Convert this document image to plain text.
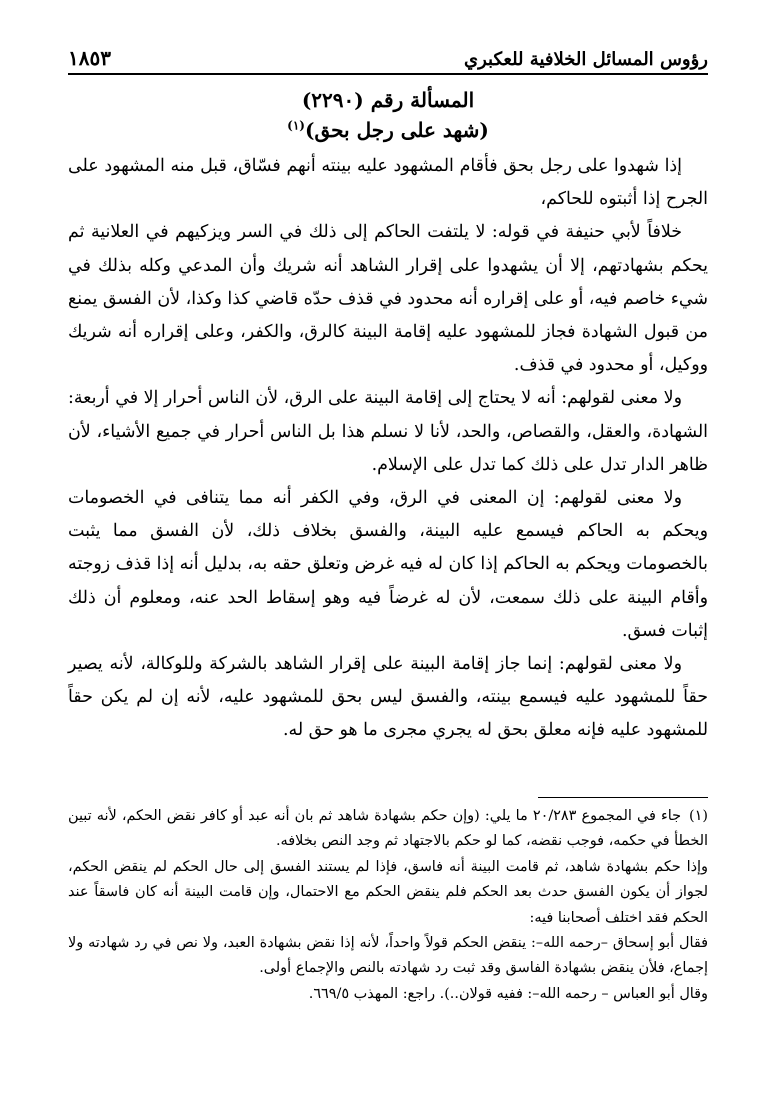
رؤوس المسائل الخلافية للعكبري
١٨٥٣
المسألة رقم (٢٢٩٠)
(شهد على رجل بحق)$^{(١)}$

إذا شهدوا على رجل بحق فأقام المشهود عليه بينته أنهم فسّاق، قبل منه المشهود على الجرح إذا أثبتوه للحاكم،

خلافاً لأبي حنيفة في قوله: لا يلتفت الحاكم إلى ذلك في السر ويزكيهم في العلانية ثم يحكم بشهادتهم، إلا أن يشهدوا على إقرار الشاهد أنه شريك وأن المدعي وكله بذلك في شيء خاصم فيه، أو على إقراره أنه محدود في قذف حدّه قاضي كذا وكذا، لأن الفسق يمنع من قبول الشهادة فجاز للمشهود عليه إقامة البينة كالرق، والكفر، وعلى إقراره أنه شريك ووكيل، أو محدود في قذف.

ولا معنى لقولهم: أنه لا يحتاج إلى إقامة البينة على الرق، لأن الناس أحرار إلا في أربعة: الشهادة، والعقل، والقصاص، والحد، لأنا لا نسلم هذا بل الناس أحرار في جميع الأشياء، لأن ظاهر الدار تدل على ذلك كما تدل على الإسلام.

ولا معنى لقولهم: إن المعنى في الرق، وفي الكفر أنه مما يتنافى في الخصومات ويحكم به الحاكم فيسمع عليه البينة، والفسق بخلاف ذلك، لأن الفسق مما يثبت بالخصومات ويحكم به الحاكم إذا كان له فيه غرض وتعلق حقه به، بدليل أنه إذا قذف زوجته وأقام البينة على ذلك سمعت، لأن له غرضاً فيه وهو إسقاط الحد عنه، ومعلوم أن ذلك إثبات فسق.

ولا معنى لقولهم: إنما جاز إقامة البينة على إقرار الشاهد بالشركة وللوكالة، لأنه يصير حقاً للمشهود عليه فيسمع بينته، والفسق ليس بحق للمشهود عليه، لأنه إن لم يكن حقاً للمشهود عليه فإنه معلق بحق له يجري مجرى ما هو حق له.

(١)جاء في المجموع ٢٠/٢٨٣ ما يلي: (وإن حكم بشهادة شاهد ثم بان أنه عبد أو كافر نقض الحكم، لأنه تبين الخطأ في حكمه، فوجب نقضه، كما لو حكم بالاجتهاد ثم وجد النص بخلافه.

وإذا حكم بشهادة شاهد، ثم قامت البينة أنه فاسق، فإذا لم يستند الفسق إلى حال الحكم لم ينقض الحكم، لجواز أن يكون الفسق حدث بعد الحكم فلم ينقض الحكم مع الاحتمال، وإن قامت البينة أنه كان فاسقاً عند الحكم فقد اختلف أصحابنا فيه:

فقال أبو إسحاق –رحمه الله–: ينقض الحكم قولاً واحداً، لأنه إذا نقض بشهادة العبد، ولا نص في رد شهادته ولا إجماع، فلأن ينقض بشهادة الفاسق وقد ثبت رد شهادته بالنص والإجماع أولى.

وقال أبو العباس – رحمه الله–: ففيه قولان..). راجع: المهذب ٦٦٩/٥.
